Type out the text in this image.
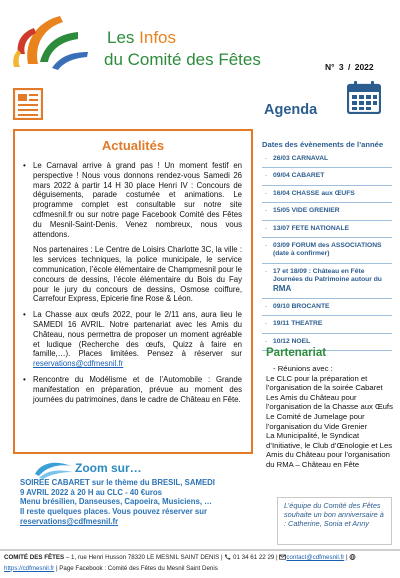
Les Infos
du Comité des Fêtes	N° 3 / 2022
Agenda
Actualités
• Le Carnaval arrive à grand pas ! Un moment festif en perspective ! Nous vous donnons rendez-vous Samedi 26 mars 2022 à partir 14 H 30 place Henri IV : Concours de déguisements, parade costumée et animations. Le programme complet est consultable sur notre site cdfmesnil.fr ou sur notre page Facebook Comité des Fêtes du Mesnil-Saint-Denis. Venez nombreux, nous vous attendons.

Nos partenaires : Le Centre de Loisirs Charlotte 3C, la ville : les services techniques, la police municipale, le service communication, l’école élémentaire de Champmesnil pour le concours de dessins, l’école élémentaire du Bois du Fay pour le jury du concours de dessins, Osmose coiffure, Carrefour Express, Epicerie fine Rose & Léon.

• La Chasse aux œufs 2022, pour le 2/11 ans, aura lieu le SAMEDI 16 AVRIL. Notre partenariat avec les Amis du Château, nous permettra de proposer un moment agréable et ludique (Recherche des œufs, Quizz à faire en famille,…). Places limitées. Pensez à réserver sur reservations@cdfmesnil.fr

• Rencontre du Modélisme et de l’Automobile : Grande manifestation en préparation, prévue au moment des journées du patrimoines, dans le cadre de Château en Fête.

Dates des évènements de l’année
- 26/03 CARNAVAL
- 09/04 CABARET
- 16/04 CHASSE aux ŒUFS
- 15/05 VIDE GRENIER
- 13/07 FETE NATIONALE
- 03/09 FORUM des ASSOCIATIONS (date à confirmer)
- 17 et 18/09 : Château en Fête Journées du Patrimoine autour du RMA
- 09/10 BROCANTE
- 19/11 THEATRE
- 10/12 NOEL
Partenariat
- Réunions avec :
Le CLC pour la préparation et l’organisation de la soirée Cabaret
Les Amis du Château pour l’organisation de la Chasse aux Œufs
Le Comité de Jumelage pour l’organisation du Vide Grenier
La Municipalité, le Syndicat d’Initiative, le Club d’Œnologie et Les Amis du Château pour l’organisation du RMA – Château en Fête
L’équipe du Comité des Fêtes souhaite un bon anniversaire à : Catherine, Sonia et Anny
Zoom sur…
SOIREE CABARET sur le thème du BRESIL, SAMEDI
9 AVRIL 2022 à 20 H au CLC - 40 €uros
Menu brésilien, Danseuses, Capoeira, Musiciens, …
Il reste quelques places. Vous pouvez réserver sur
reservations@cdfmesnil.fr
COMITÉ DES FÊTES – 1, rue Henri Husson 78320 LE MESNIL SAINT DENIS |  01 34 61 22 29 | contact@cdfmesnil.fr | https://cdfmesnil.fr | Page Facebook : Comité des Fêtes du Mesnil Saint Denis
